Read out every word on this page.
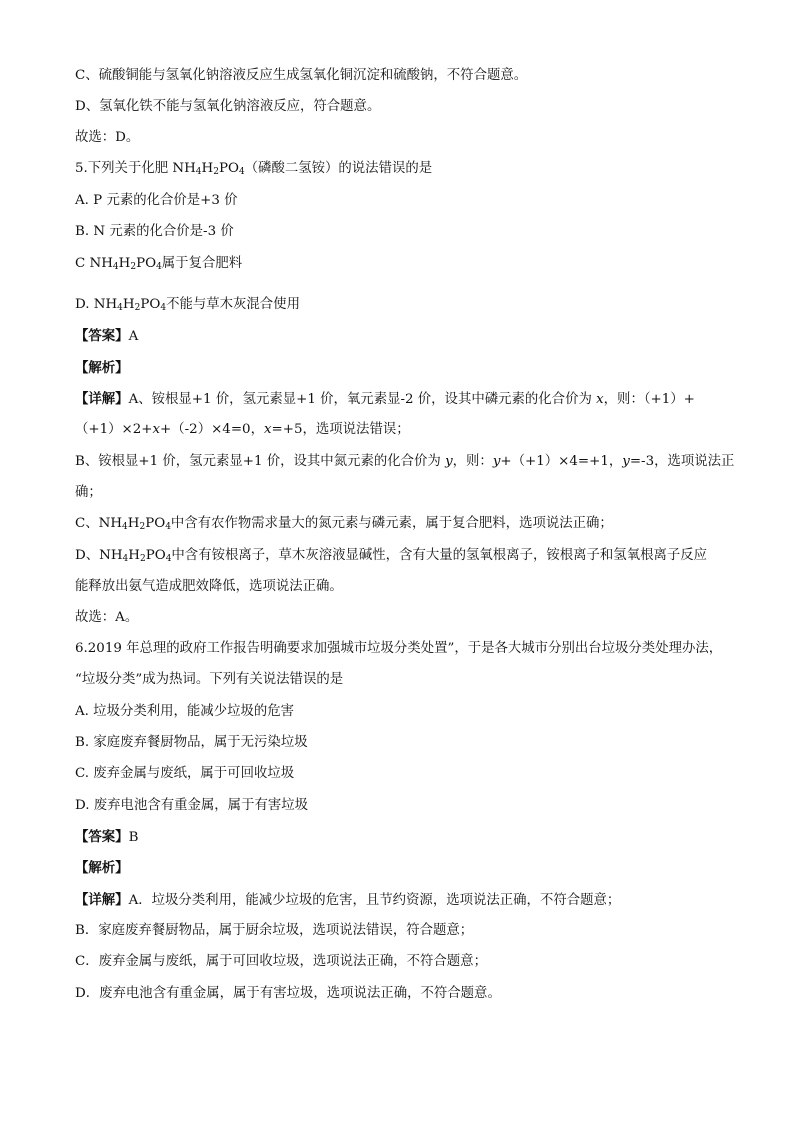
C、硫酸铜能与氢氧化钠溶液反应生成氢氧化铜沉淀和硫酸钠，不符合题意。
D、氢氧化铁不能与氢氧化钠溶液反应，符合题意。
故选：D。
5.下列关于化肥 $NH_4H_2PO_4$（磷酸二氢铵）的说法错误的是
A. P 元素的化合价是+3 价
B. N 元素的化合价是-3 价
C $NH_4H_2PO_4$属于复合肥料
D. $NH_4H_2PO_4$不能与草木灰混合使用
【答案】A
【解析】
【详解】A、铵根显+1 价，氢元素显+1 价，氧元素显-2 价，设其中磷元素的化合价为 x，则：（+1）+
（+1）×2+x+（-2）×4=0，x=+5，选项说法错误；
B、铵根显+1 价，氢元素显+1 价，设其中氮元素的化合价为 y，则：y+（+1）×4=+1，y=-3，选项说法正
确；
C、$NH_4H_2PO_4$中含有农作物需求量大的氮元素与磷元素，属于复合肥料，选项说法正确；
D、$NH_4H_2PO_4$中含有铵根离子，草木灰溶液显碱性，含有大量的氢氧根离子，铵根离子和氢氧根离子反应
能释放出氨气造成肥效降低，选项说法正确。
故选：A。
6.2019 年总理的政府工作报告明确要求加强城市垃圾分类处置”，于是各大城市分别出台垃圾分类处理办法，
“垃圾分类”成为热词。下列有关说法错误的是
A. 垃圾分类利用，能减少垃圾的危害
B. 家庭废弃餐厨物品，属于无污染垃圾
C. 废弃金属与废纸，属于可回收垃圾
D. 废弃电池含有重金属，属于有害垃圾
【答案】B
【解析】
【详解】A．垃圾分类利用，能减少垃圾的危害，且节约资源，选项说法正确，不符合题意；
B．家庭废弃餐厨物品，属于厨余垃圾，选项说法错误，符合题意；
C．废弃金属与废纸，属于可回收垃圾，选项说法正确，不符合题意；
D．废弃电池含有重金属，属于有害垃圾，选项说法正确，不符合题意。
